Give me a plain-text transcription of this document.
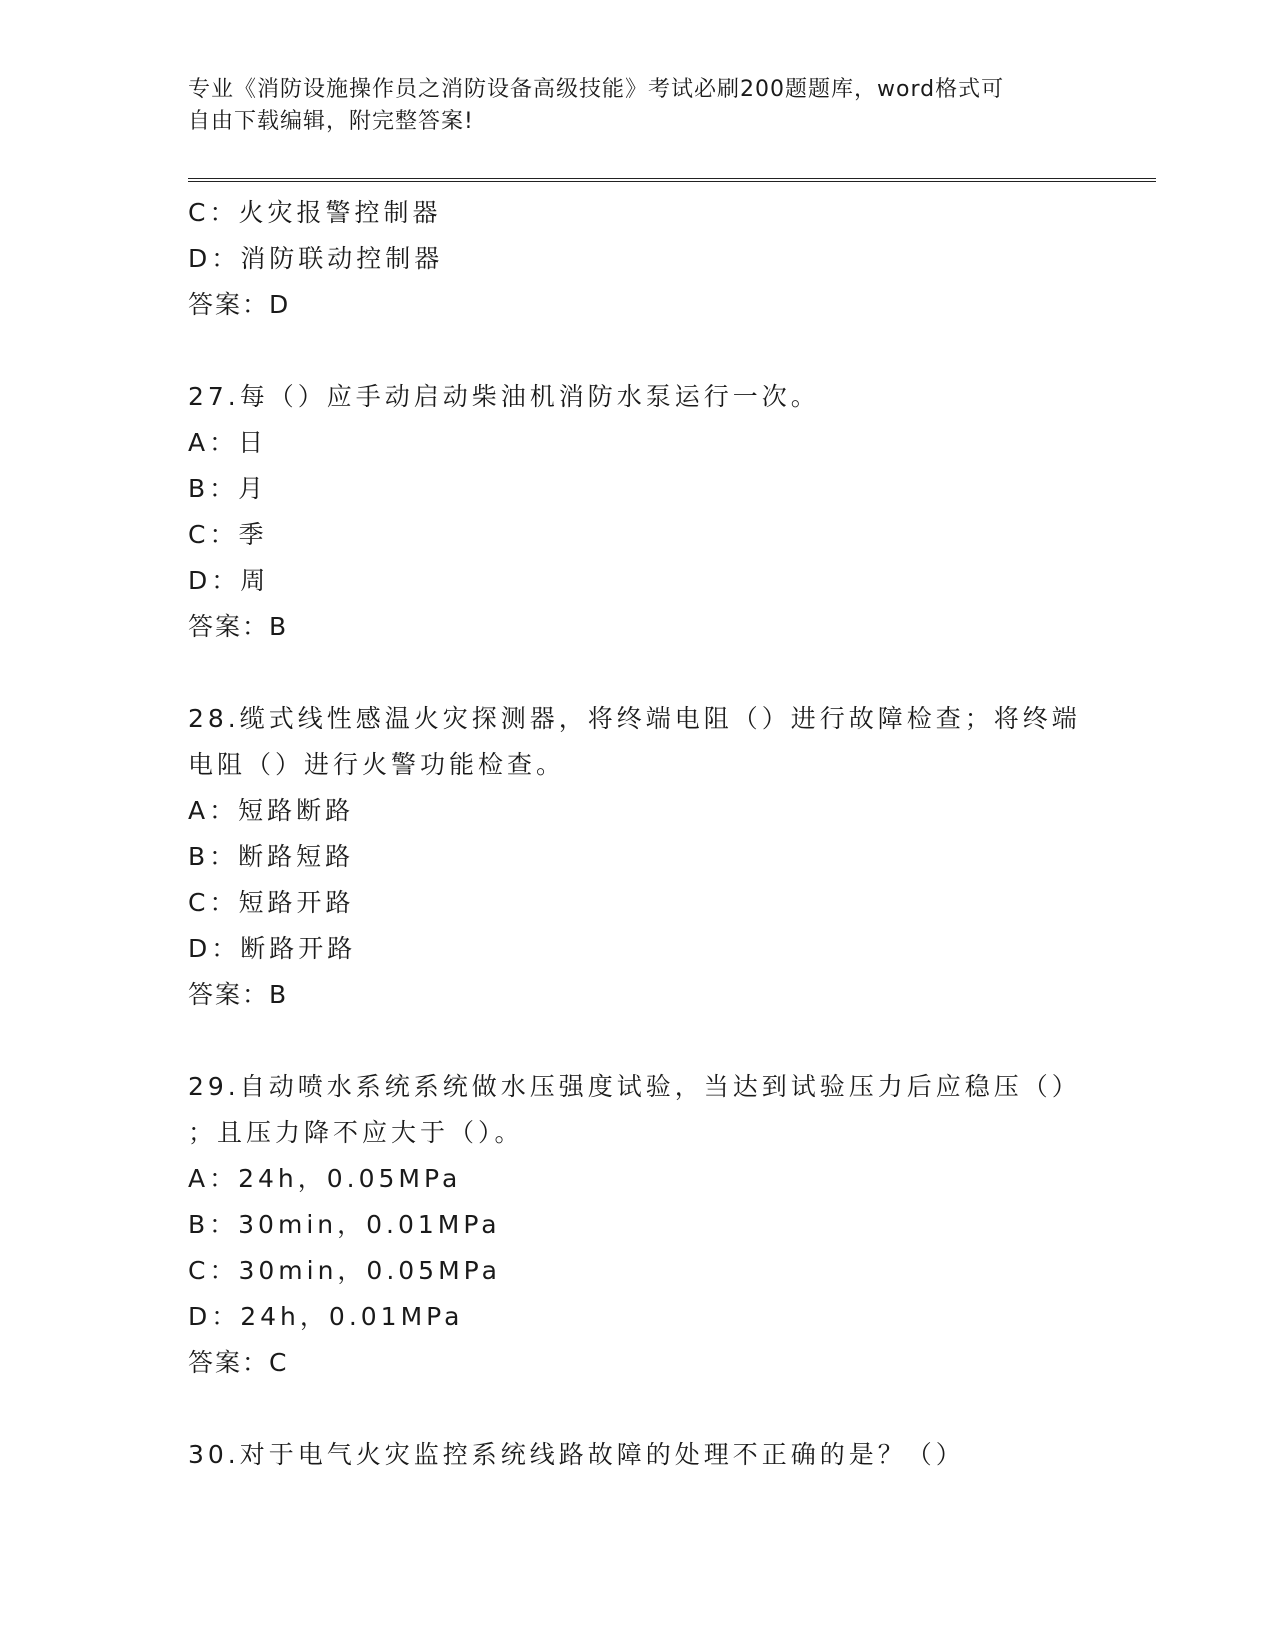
专业《消防设施操作员之消防设备高级技能》考试必刷200题题库，word格式可
自由下载编辑，附完整答案!
C：火灾报警控制器
D：消防联动控制器
答案：D
27.每（）应手动启动柴油机消防水泵运行一次。
A：日
B：月
C：季
D：周
答案：B
28.缆式线性感温火灾探测器，将终端电阻（）进行故障检查；将终端
电阻（）进行火警功能检查。
A：短路断路
B：断路短路
C：短路开路
D：断路开路
答案：B
29.自动喷水系统系统做水压强度试验，当达到试验压力后应稳压（）
；且压力降不应大于（）。
A：24h，0.05MPa
B：30min，0.01MPa
C：30min，0.05MPa
D：24h，0.01MPa
答案：C
30.对于电气火灾监控系统线路故障的处理不正确的是？（）
